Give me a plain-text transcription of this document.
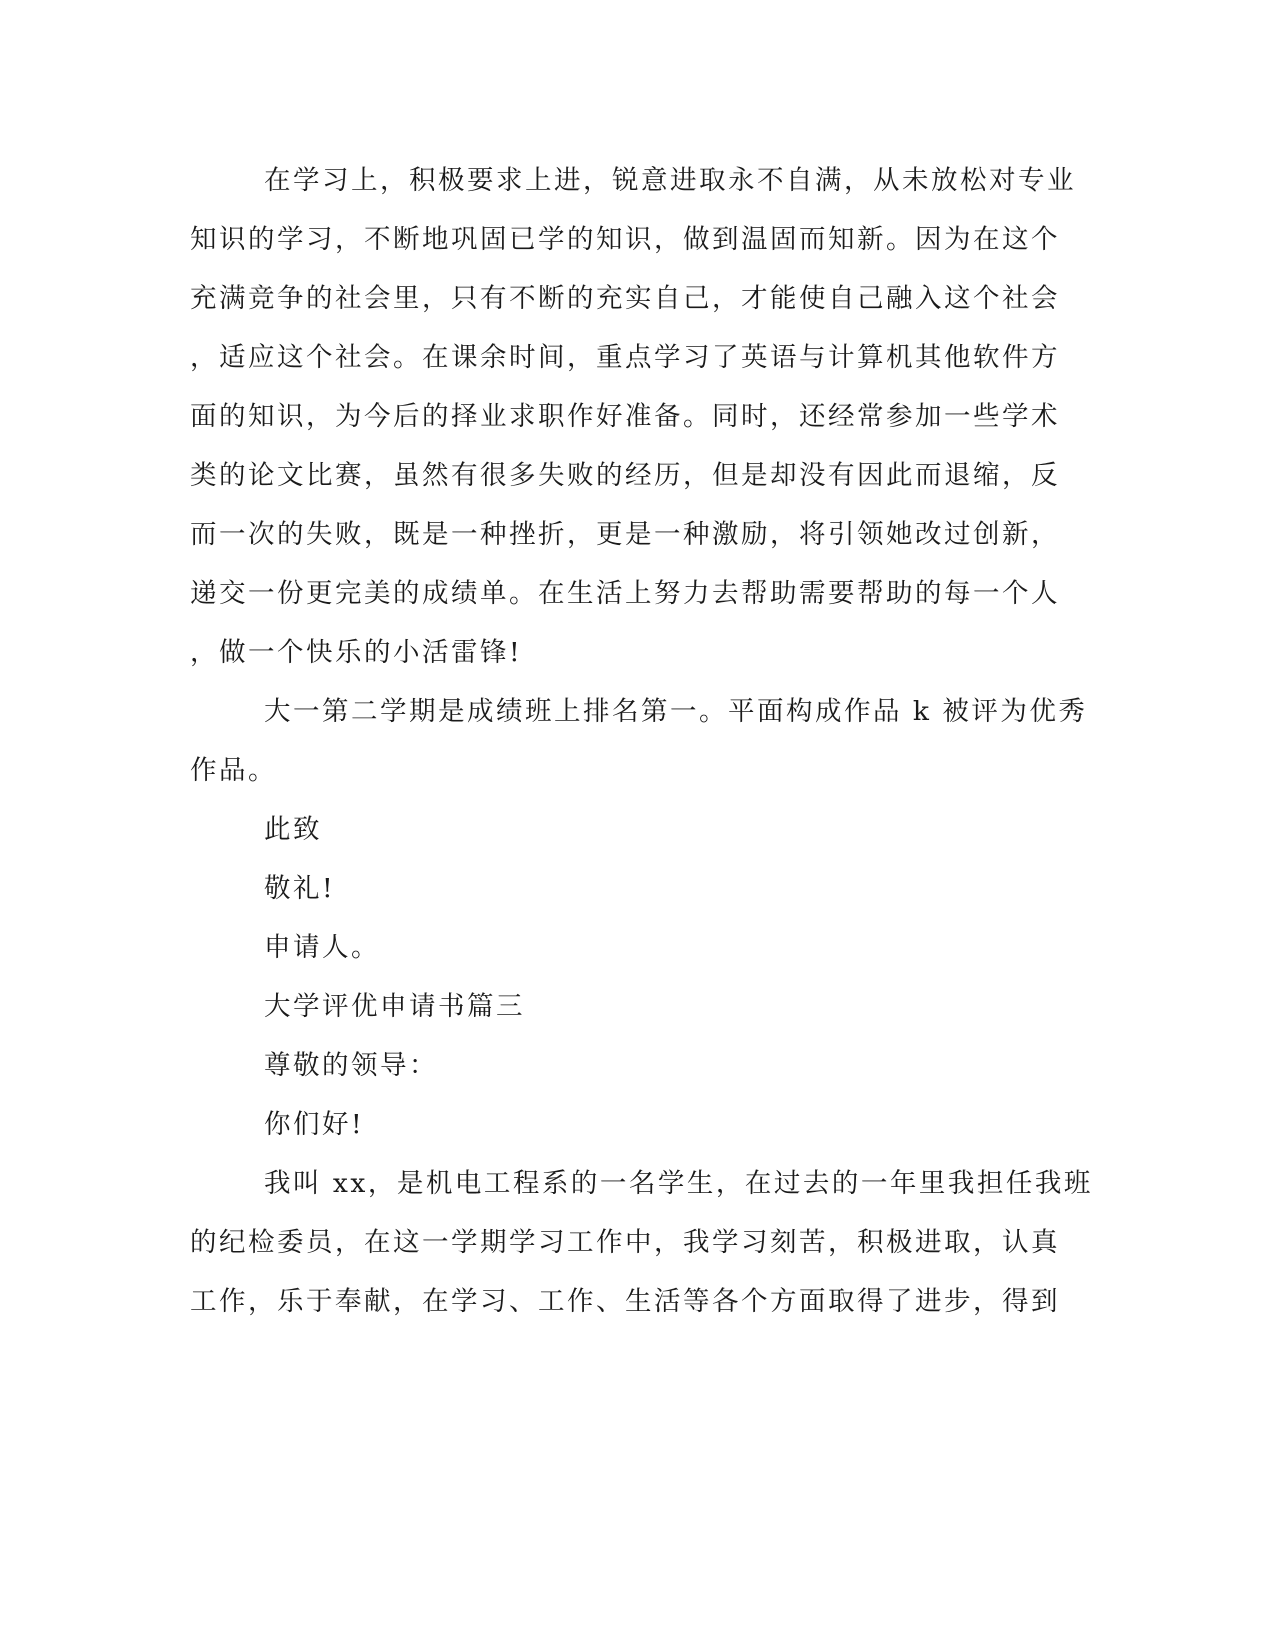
在学习上，积极要求上进，锐意进取永不自满，从未放松对专业
知识的学习，不断地巩固已学的知识，做到温固而知新。因为在这个
充满竞争的社会里，只有不断的充实自己，才能使自己融入这个社会
，适应这个社会。在课余时间，重点学习了英语与计算机其他软件方
面的知识，为今后的择业求职作好准备。同时，还经常参加一些学术
类的论文比赛，虽然有很多失败的经历，但是却没有因此而退缩，反
而一次的失败，既是一种挫折，更是一种激励，将引领她改过创新，
递交一份更完美的成绩单。在生活上努力去帮助需要帮助的每一个人
，做一个快乐的小活雷锋!
大一第二学期是成绩班上排名第一。平面构成作品 k 被评为优秀
作品。
此致
敬礼!
申请人。
大学评优申请书篇三
尊敬的领导：
你们好!
我叫 xx，是机电工程系的一名学生，在过去的一年里我担任我班
的纪检委员，在这一学期学习工作中，我学习刻苦，积极进取，认真
工作，乐于奉献，在学习、工作、生活等各个方面取得了进步，得到
